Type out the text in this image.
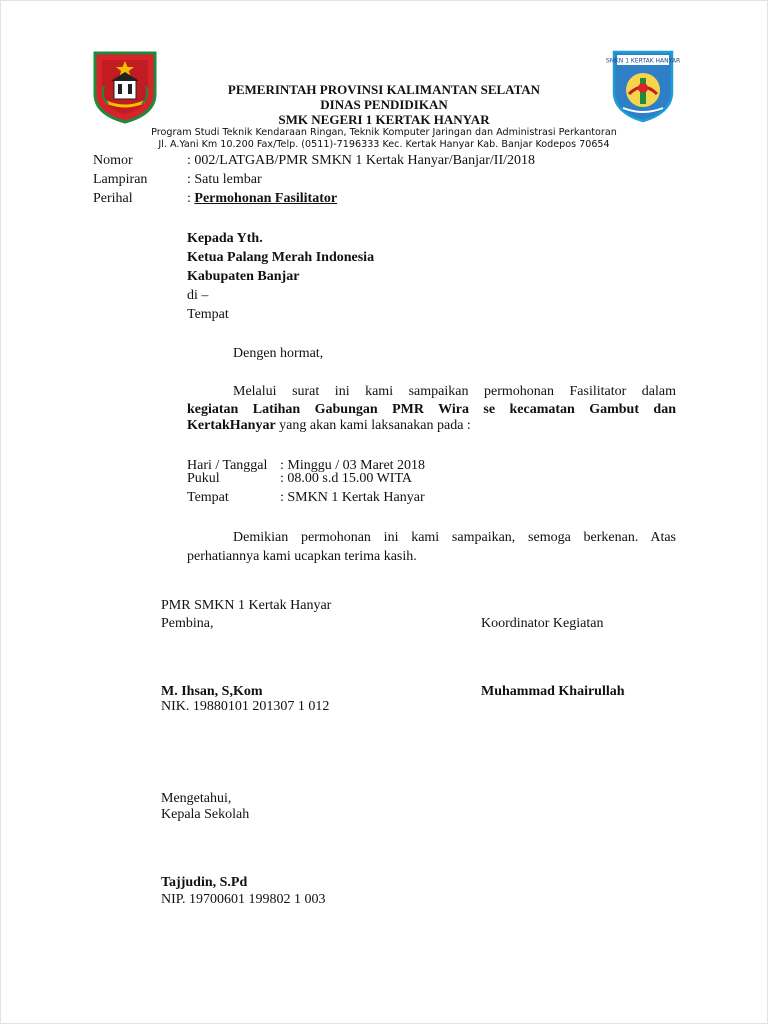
SMKN 1 KERTAK HANYAR
PEMERINTAH PROVINSI KALIMANTAN SELATAN
DINAS PENDIDIKAN
SMK NEGERI 1 KERTAK HANYAR
Program Studi Teknik Kendaraan Ringan, Teknik Komputer Jaringan dan Administrasi Perkantoran
Jl. A.Yani Km 10.200 Fax/Telp. (0511)-7196333 Kec. Kertak Hanyar Kab. Banjar Kodepos 70654
Nomor	: 002/LATGAB/PMR SMKN 1 Kertak Hanyar/Banjar/II/2018
Lampiran	: Satu lembar
Perihal	: Permohonan Fasilitator
Kepada Yth.
Ketua Palang Merah Indonesia
Kabupaten Banjar
di –
Tempat
Dengen hormat,
Melalui surat ini kami sampaikan permohonan Fasilitator dalam
kegiatan Latihan Gabungan PMR Wira se kecamatan Gambut dan
KertakHanyar yang akan kami laksanakan pada :
Hari / Tanggal : Minggu / 03 Maret 2018
Pukul	: 08.00 s.d 15.00 WITA
Tempat	: SMKN 1 Kertak Hanyar
Demikian permohonan ini kami sampaikan, semoga berkenan. Atas
perhatiannya kami ucapkan terima kasih.
PMR SMKN 1 Kertak Hanyar
Pembina,	Koordinator Kegiatan
M. Ihsan, S,Kom
NIK. 19880101 201307 1 012
Muhammad Khairullah
Mengetahui,
Kepala Sekolah
Tajjudin, S.Pd
NIP. 19700601 199802 1 003
